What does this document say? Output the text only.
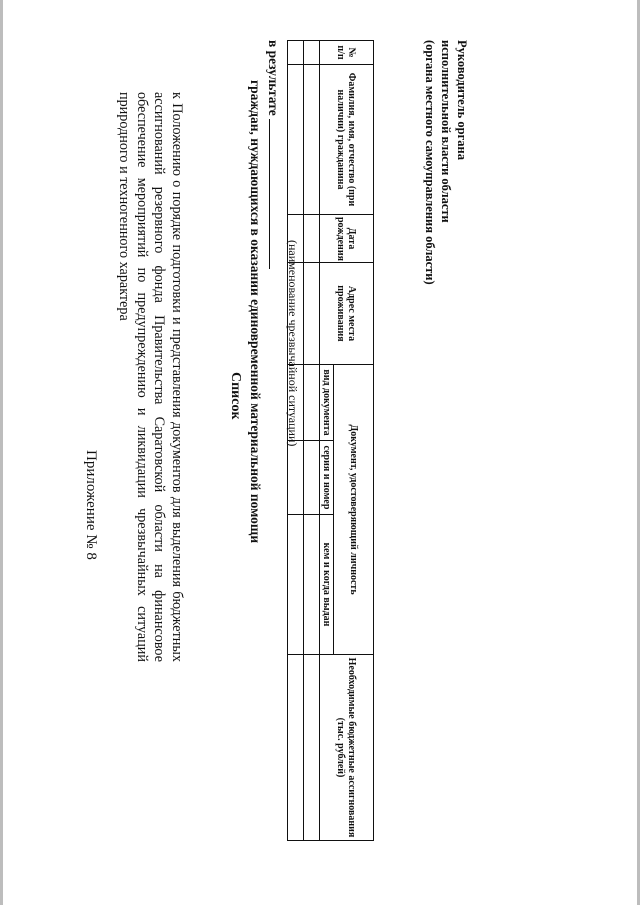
Приложение № 8	к Положению о порядке подготовки и представления документов для выделения бюджетных ассигнований резервного фонда Правительства Саратовской области на финансовое обеспечение мероприятий по предупреждению и ликвидации чрезвычайных ситуаций природного и техногенного характера
Список граждан, нуждающихся в оказании единовременной материальной помощи
в результате
(наименование чрезвычайной ситуации)
№ п/п	Фамилия, имя, отчество (при наличии) гражданина	Дата рождения	Адрес места проживания	Документ, удостоверяющий личность			Необходимые бюджетные ассигнования (тыс. рублей)
				вид документа	серия и номер	кем и когда выдан	

Руководитель органа
исполнительной власти области
(органа местного самоуправления области)
